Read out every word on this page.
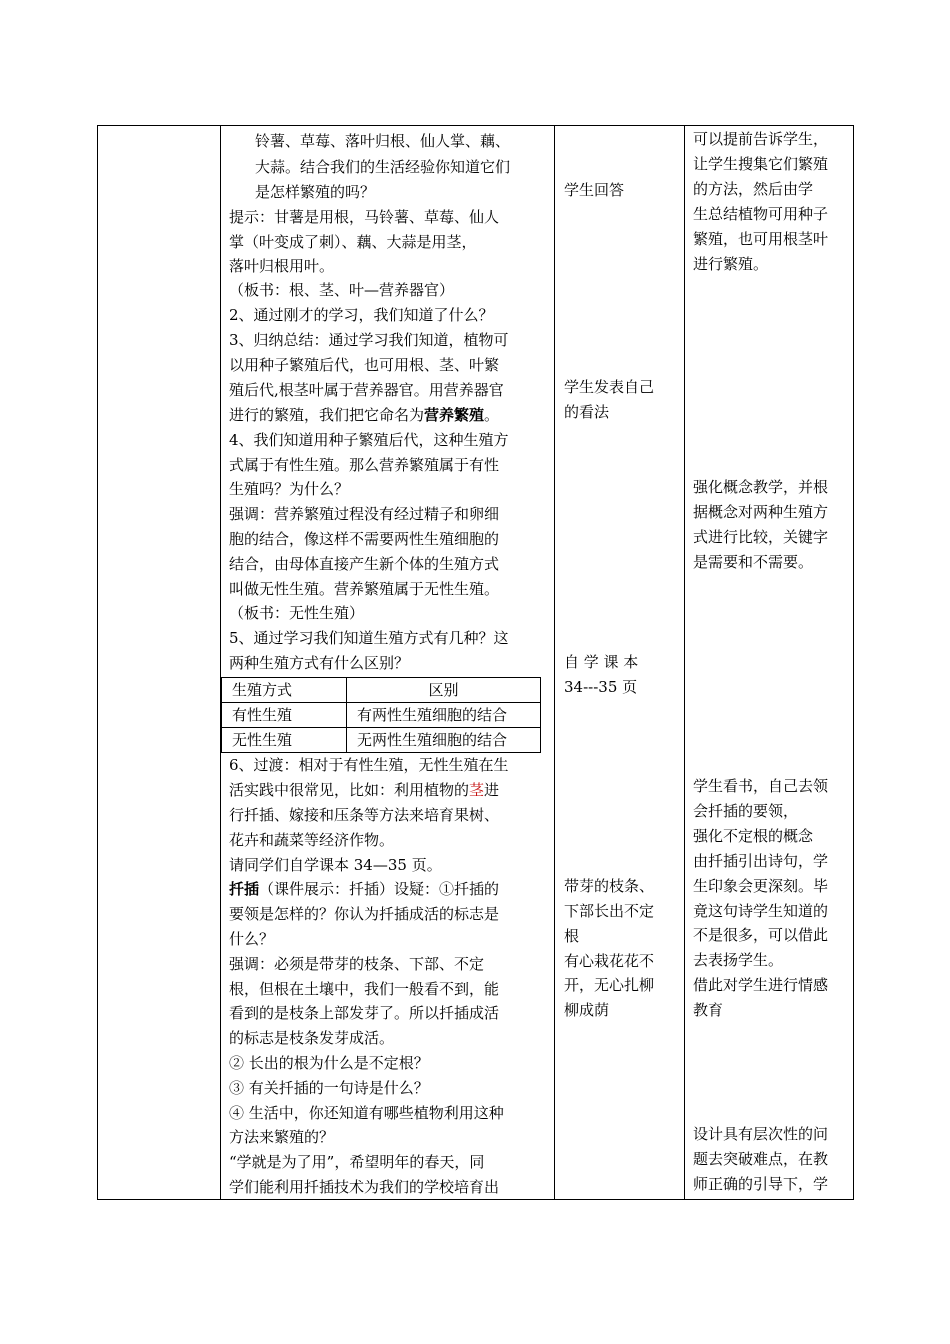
铃薯、草莓、落叶归根、仙人掌、藕、
大蒜。结合我们的生活经验你知道它们
是怎样繁殖的吗？
提示：甘薯是用根，马铃薯、草莓、仙人
掌（叶变成了刺）、藕、大蒜是用茎，
落叶归根用叶。
（板书：根、茎、叶—营养器官）
2、通过刚才的学习，我们知道了什么？
3、归纳总结：通过学习我们知道，植物可
以用种子繁殖后代，也可用根、茎、叶繁
殖后代,根茎叶属于营养器官。用营养器官
进行的繁殖，我们把它命名为营养繁殖。
4、我们知道用种子繁殖后代，这种生殖方
式属于有性生殖。那么营养繁殖属于有性
生殖吗？为什么？
强调：营养繁殖过程没有经过精子和卵细
胞的结合，像这样不需要两性生殖细胞的
结合，由母体直接产生新个体的生殖方式
叫做无性生殖。营养繁殖属于无性生殖。
（板书：无性生殖）
5、通过学习我们知道生殖方式有几种？这
两种生殖方式有什么区别？
生殖方式	区别
有性生殖	有两性生殖细胞的结合
无性生殖	无两性生殖细胞的结合
6、过渡：相对于有性生殖，无性生殖在生
活实践中很常见，比如：利用植物的茎进
行扦插、嫁接和压条等方法来培育果树、
花卉和蔬菜等经济作物。
请同学们自学课本 34—35 页。
扦插（课件展示：扦插）设疑：①扦插的
要领是怎样的？你认为扦插成活的标志是
什么？
强调：必须是带芽的枝条、下部、不定
根，但根在土壤中，我们一般看不到，能
看到的是枝条上部发芽了。所以扦插成活
的标志是枝条发芽成活。
② 长出的根为什么是不定根？
③ 有关扦插的一句诗是什么？
④ 生活中，你还知道有哪些植物利用这种
方法来繁殖的？
“学就是为了用”，希望明年的春天，同
学们能利用扦插技术为我们的学校培育出

学生回答
学生发表自己
的看法
自 学 课 本
34---35 页
带芽的枝条、
下部长出不定
根
有心栽花花不
开，无心扎柳
柳成荫

可以提前告诉学生，
让学生搜集它们繁殖
的方法，然后由学
生总结植物可用种子
繁殖，也可用根茎叶
进行繁殖。
强化概念教学，并根
据概念对两种生殖方
式进行比较，关键字
是需要和不需要。
学生看书，自己去领
会扦插的要领，
强化不定根的概念
由扦插引出诗句，学
生印象会更深刻。毕
竟这句诗学生知道的
不是很多，可以借此
去表扬学生。
借此对学生进行情感
教育
设计具有层次性的问
题去突破难点，在教
师正确的引导下，学
